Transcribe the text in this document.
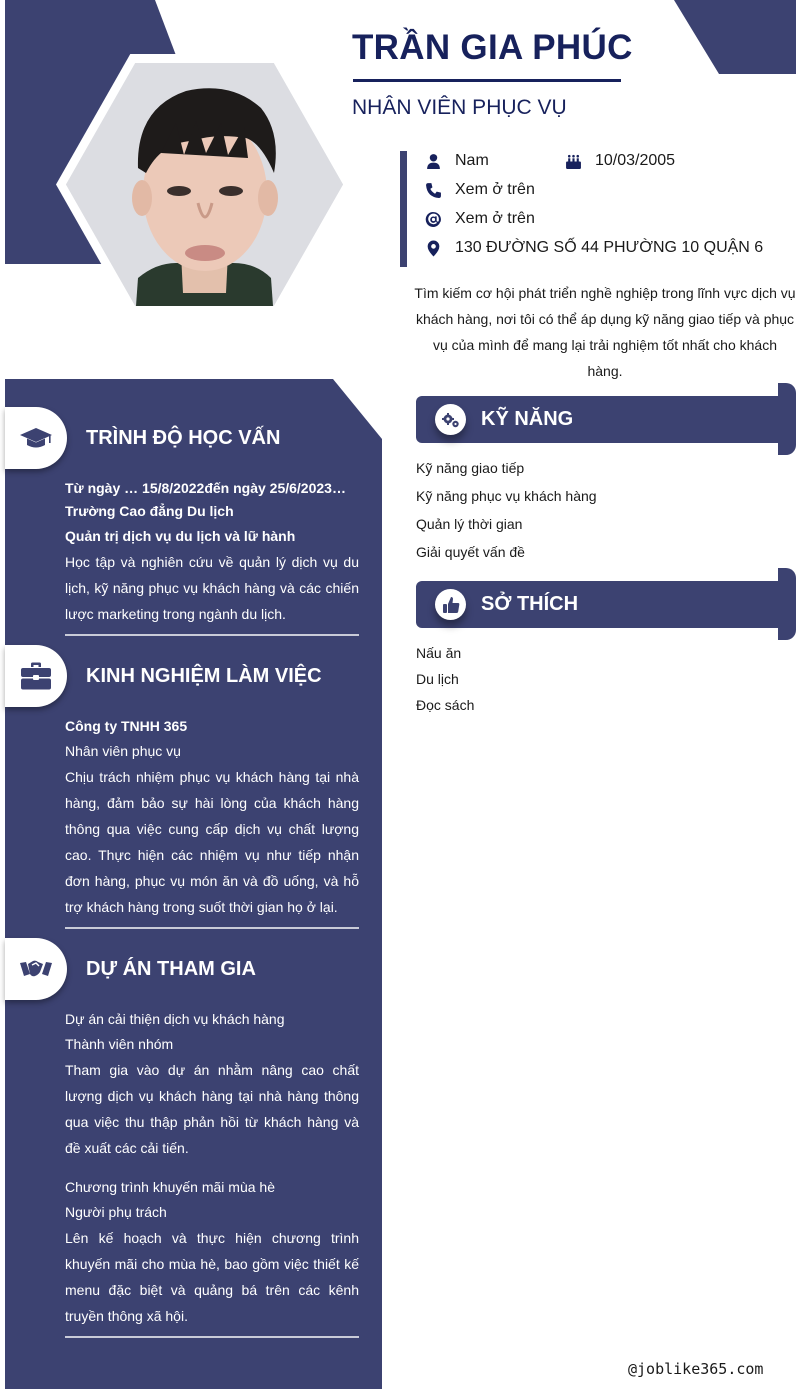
TRẦN GIA PHÚC
NHÂN VIÊN PHỤC VỤ
Nam	10/03/2005
Xem ở trên
Xem ở trên
130 ĐƯỜNG SỐ 44 PHƯỜNG 10 QUẬN 6
Tìm kiếm cơ hội phát triển nghề nghiệp trong lĩnh vực dịch vụ khách hàng, nơi tôi có thể áp dụng kỹ năng giao tiếp và phục vụ của mình để mang lại trải nghiệm tốt nhất cho khách hàng.
TRÌNH ĐỘ HỌC VẤN
Từ ngày … 15/8/2022đến ngày 25/6/2023…
Trường Cao đẳng Du lịch
Quản trị dịch vụ du lịch và lữ hành
Học tập và nghiên cứu về quản lý dịch vụ du lịch, kỹ năng phục vụ khách hàng và các chiến lược marketing trong ngành du lịch.
KINH NGHIỆM LÀM VIỆC
Công ty TNHH 365
Nhân viên phục vụ
Chịu trách nhiệm phục vụ khách hàng tại nhà hàng, đảm bảo sự hài lòng của khách hàng thông qua việc cung cấp dịch vụ chất lượng cao. Thực hiện các nhiệm vụ như tiếp nhận đơn hàng, phục vụ món ăn và đồ uống, và hỗ trợ khách hàng trong suốt thời gian họ ở lại.
DỰ ÁN THAM GIA
Dự án cải thiện dịch vụ khách hàng
Thành viên nhóm
Tham gia vào dự án nhằm nâng cao chất lượng dịch vụ khách hàng tại nhà hàng thông qua việc thu thập phản hồi từ khách hàng và đề xuất các cải tiến.
Chương trình khuyến mãi mùa hè
Người phụ trách
Lên kế hoạch và thực hiện chương trình khuyến mãi cho mùa hè, bao gồm việc thiết kế menu đặc biệt và quảng bá trên các kênh truyền thông xã hội.
KỸ NĂNG
Kỹ năng giao tiếp
Kỹ năng phục vụ khách hàng
Quản lý thời gian
Giải quyết vấn đề
SỞ THÍCH
Nấu ăn
Du lịch
Đọc sách
@joblike365.com
